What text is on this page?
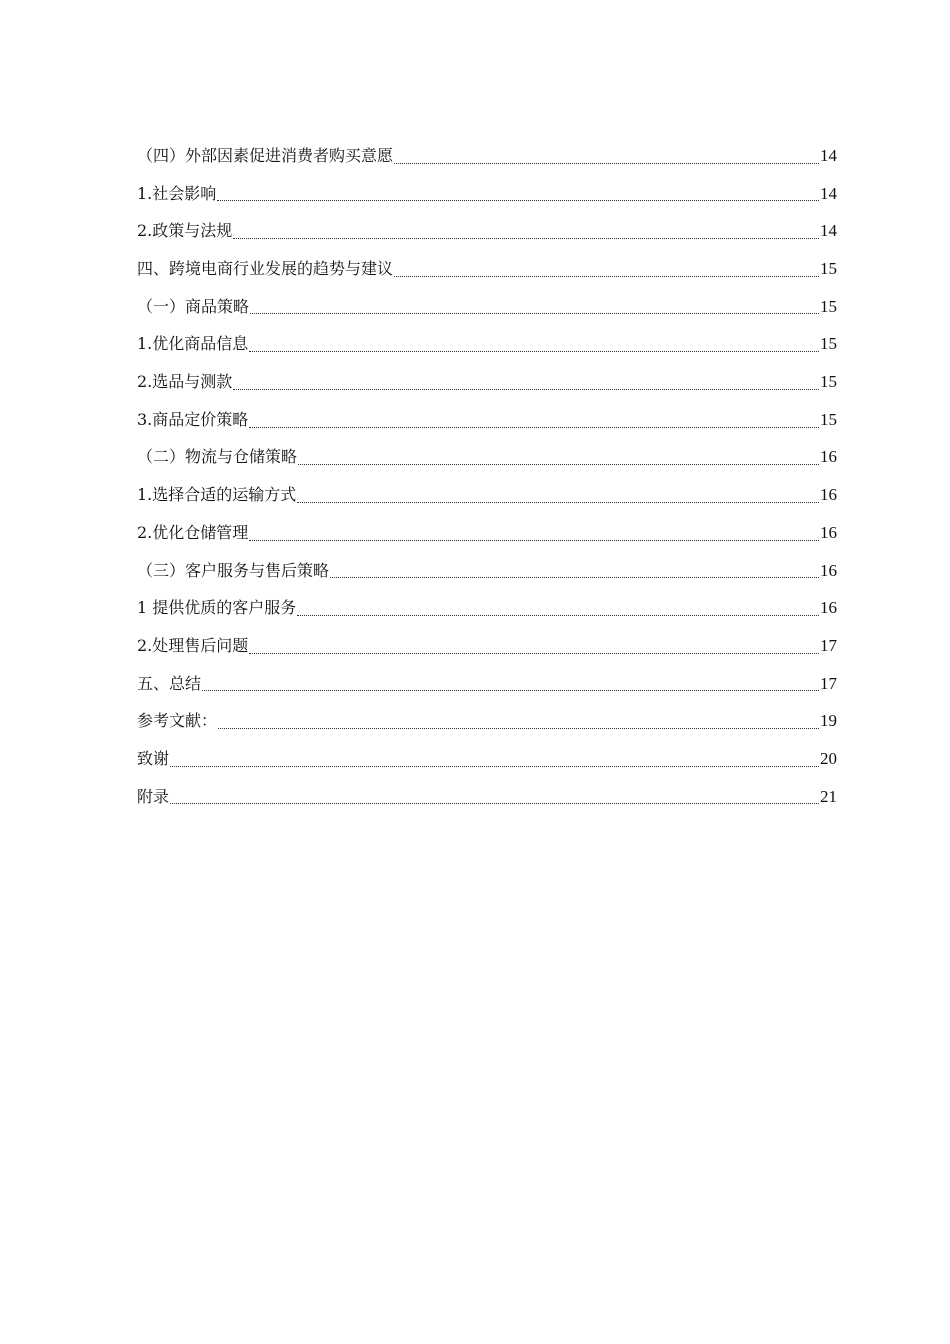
（四）外部因素促进消费者购买意愿	14
1.社会影响	14
2.政策与法规	14
四、跨境电商行业发展的趋势与建议	15
（一）商品策略	15
1.优化商品信息	15
2.选品与测款	15
3.商品定价策略	15
（二）物流与仓储策略	16
1.选择合适的运输方式	16
2.优化仓储管理	16
（三）客户服务与售后策略	16
1 提供优质的客户服务	16
2.处理售后问题	17
五、总结	17
参考文献：	19
致谢	20
附录	21
